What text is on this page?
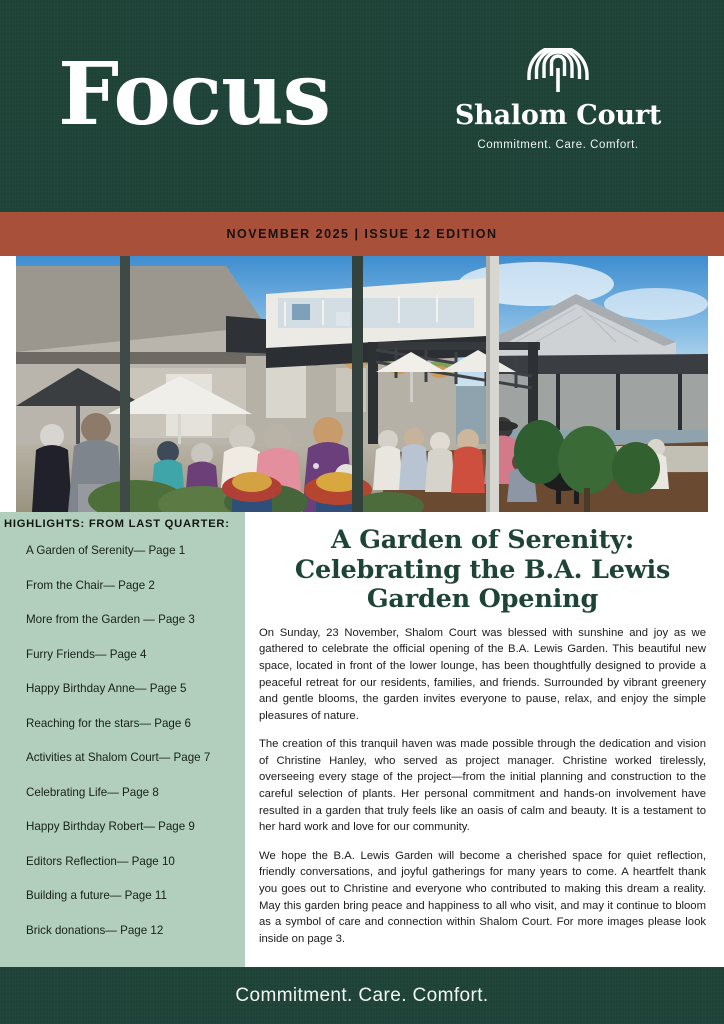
Focus	Shalom Court
Commitment. Care. Comfort.
NOVEMBER 2025 | ISSUE 12 EDITION
HIGHLIGHTS: FROM LAST QUARTER:
A Garden of Serenity— Page 1
From the Chair— Page 2
More from the Garden — Page 3
Furry Friends— Page 4
Happy Birthday Anne— Page 5
Reaching for the stars— Page 6
Activities at Shalom Court— Page 7
Celebrating Life— Page 8
Happy Birthday Robert— Page 9
Editors Reflection— Page 10
Building a future— Page 11
Brick donations— Page 12
A Garden of Serenity: Celebrating the B.A. Lewis Garden Opening

On Sunday, 23 November, Shalom Court was blessed with sunshine and joy as we gathered to celebrate the official opening of the B.A. Lewis Garden. This beautiful new space, located in front of the lower lounge, has been thoughtfully designed to provide a peaceful retreat for our residents, families, and friends. Surrounded by vibrant greenery and gentle blooms, the garden invites everyone to pause, relax, and enjoy the simple pleasures of nature.

The creation of this tranquil haven was made possible through the dedication and vision of Christine Hanley, who served as project manager. Christine worked tirelessly, overseeing every stage of the project—from the initial planning and construction to the careful selection of plants. Her personal commitment and hands-on involvement have resulted in a garden that truly feels like an oasis of calm and beauty. It is a testament to her hard work and love for our community.

We hope the B.A. Lewis Garden will become a cherished space for quiet reflection, friendly conversations, and joyful gatherings for many years to come. A heartfelt thank you goes out to Christine and everyone who contributed to making this dream a reality. May this garden bring peace and happiness to all who visit, and may it continue to bloom as a symbol of care and connection within Shalom Court. For more images please look inside on page 3.

Commitment. Care. Comfort.
